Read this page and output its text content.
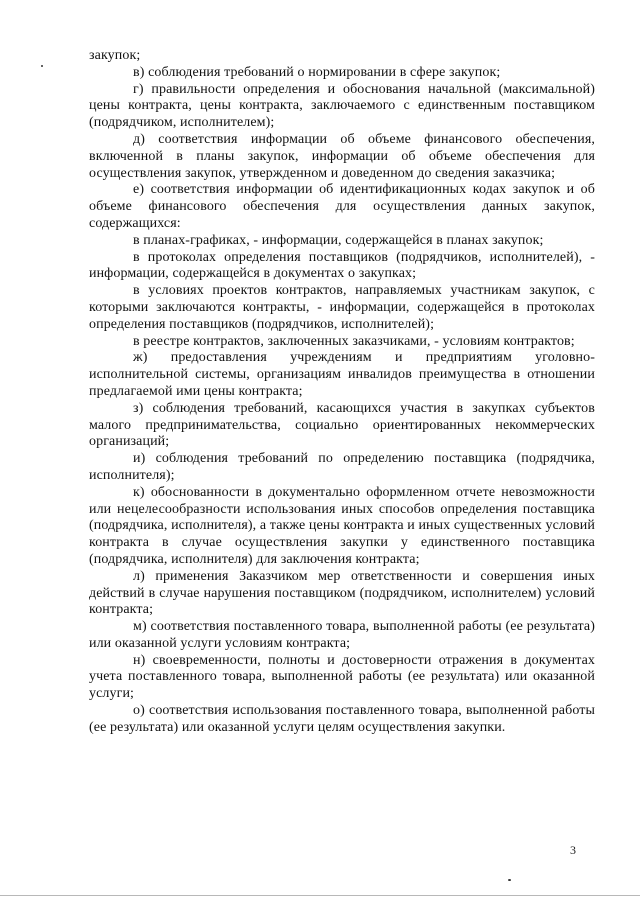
закупок;

в) соблюдения требований о нормировании в сфере закупок;

г) правильности определения и обоснования начальной (максимальной) цены контракта, цены контракта, заключаемого с единственным поставщиком (подрядчиком, исполнителем);

д) соответствия информации об объеме финансового обеспечения, включенной в планы закупок, информации об объеме обеспечения для осуществления закупок, утвержденном и доведенном до сведения заказчика;

е) соответствия информации об идентификационных кодах закупок и об объеме финансового обеспечения для осуществления данных закупок, содержащихся:

в планах-графиках, - информации, содержащейся в планах закупок;

в протоколах определения поставщиков (подрядчиков, исполнителей), - информации, содержащейся в документах о закупках;

в условиях проектов контрактов, направляемых участникам закупок, с которыми заключаются контракты, - информации, содержащейся в протоколах определения поставщиков (подрядчиков, исполнителей);

в реестре контрактов, заключенных заказчиками, - условиям контрактов;

ж) предоставления учреждениям и предприятиям уголовно-исполнительной системы, организациям инвалидов преимущества в отношении предлагаемой ими цены контракта;

з) соблюдения требований, касающихся участия в закупках субъектов малого предпринимательства, социально ориентированных некоммерческих организаций;

и) соблюдения требований по определению поставщика (подрядчика, исполнителя);

к) обоснованности в документально оформленном отчете невозможности или нецелесообразности использования иных способов определения поставщика (подрядчика, исполнителя), а также цены контракта и иных существенных условий контракта в случае осуществления закупки у единственного поставщика (подрядчика, исполнителя) для заключения контракта;

л) применения Заказчиком мер ответственности и совершения иных действий в случае нарушения поставщиком (подрядчиком, исполнителем) условий контракта;

м) соответствия поставленного товара, выполненной работы (ее результата) или оказанной услуги условиям контракта;

н) своевременности, полноты и достоверности отражения в документах учета поставленного товара, выполненной работы (ее результата) или оказанной услуги;

о) соответствия использования поставленного товара, выполненной работы (ее результата) или оказанной услуги целям осуществления закупки.

3
